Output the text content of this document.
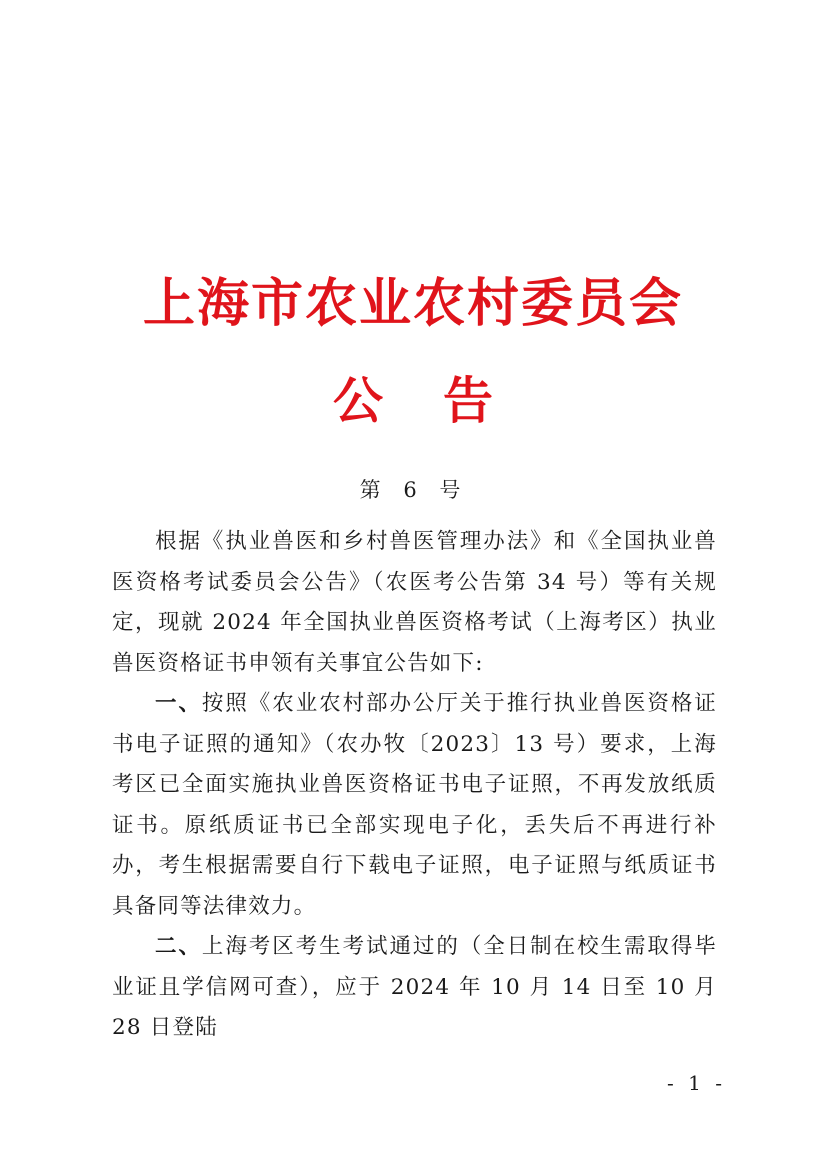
上海市农业农村委员会
公告
第 6 号

根据《执业兽医和乡村兽医管理办法》和《全国执业兽医资格考试委员会公告》（农医考公告第 34 号）等有关规定，现就 2024 年全国执业兽医资格考试（上海考区）执业兽医资格证书申领有关事宜公告如下:

一、按照《农业农村部办公厅关于推行执业兽医资格证书电子证照的通知》（农办牧〔2023〕13 号）要求，上海考区已全面实施执业兽医资格证书电子证照，不再发放纸质证书。原纸质证书已全部实现电子化，丢失后不再进行补办，考生根据需要自行下载电子证照，电子证照与纸质证书具备同等法律效力。

二、上海考区考生考试通过的（全日制在校生需取得毕业证且学信网可查），应于 2024 年 10 月 14 日至 10 月 28 日登陆

- 1 -
